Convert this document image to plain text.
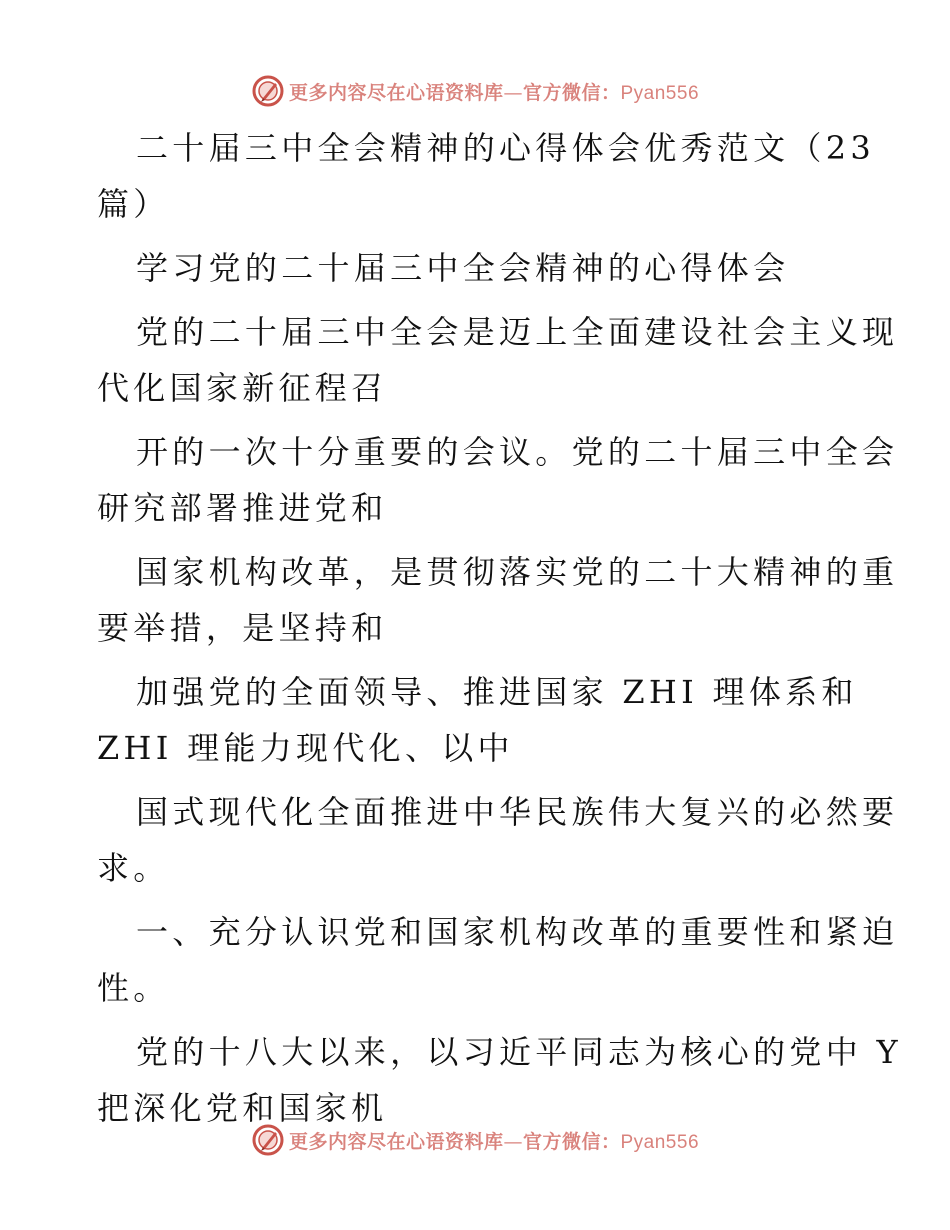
更多内容尽在心语资料库—官方微信：Pyan556
二十届三中全会精神的心得体会优秀范文（23
篇）
学习党的二十届三中全会精神的心得体会
党的二十届三中全会是迈上全面建设社会主义现
代化国家新征程召
开的一次十分重要的会议。党的二十届三中全会
研究部署推进党和
国家机构改革，是贯彻落实党的二十大精神的重
要举措，是坚持和
加强党的全面领导、推进国家 ZHI 理体系和
ZHI 理能力现代化、以中
国式现代化全面推进中华民族伟大复兴的必然要
求。
一、充分认识党和国家机构改革的重要性和紧迫
性。
党的十八大以来，以习近平同志为核心的党中 Y
把深化党和国家机
更多内容尽在心语资料库—官方微信：Pyan556
